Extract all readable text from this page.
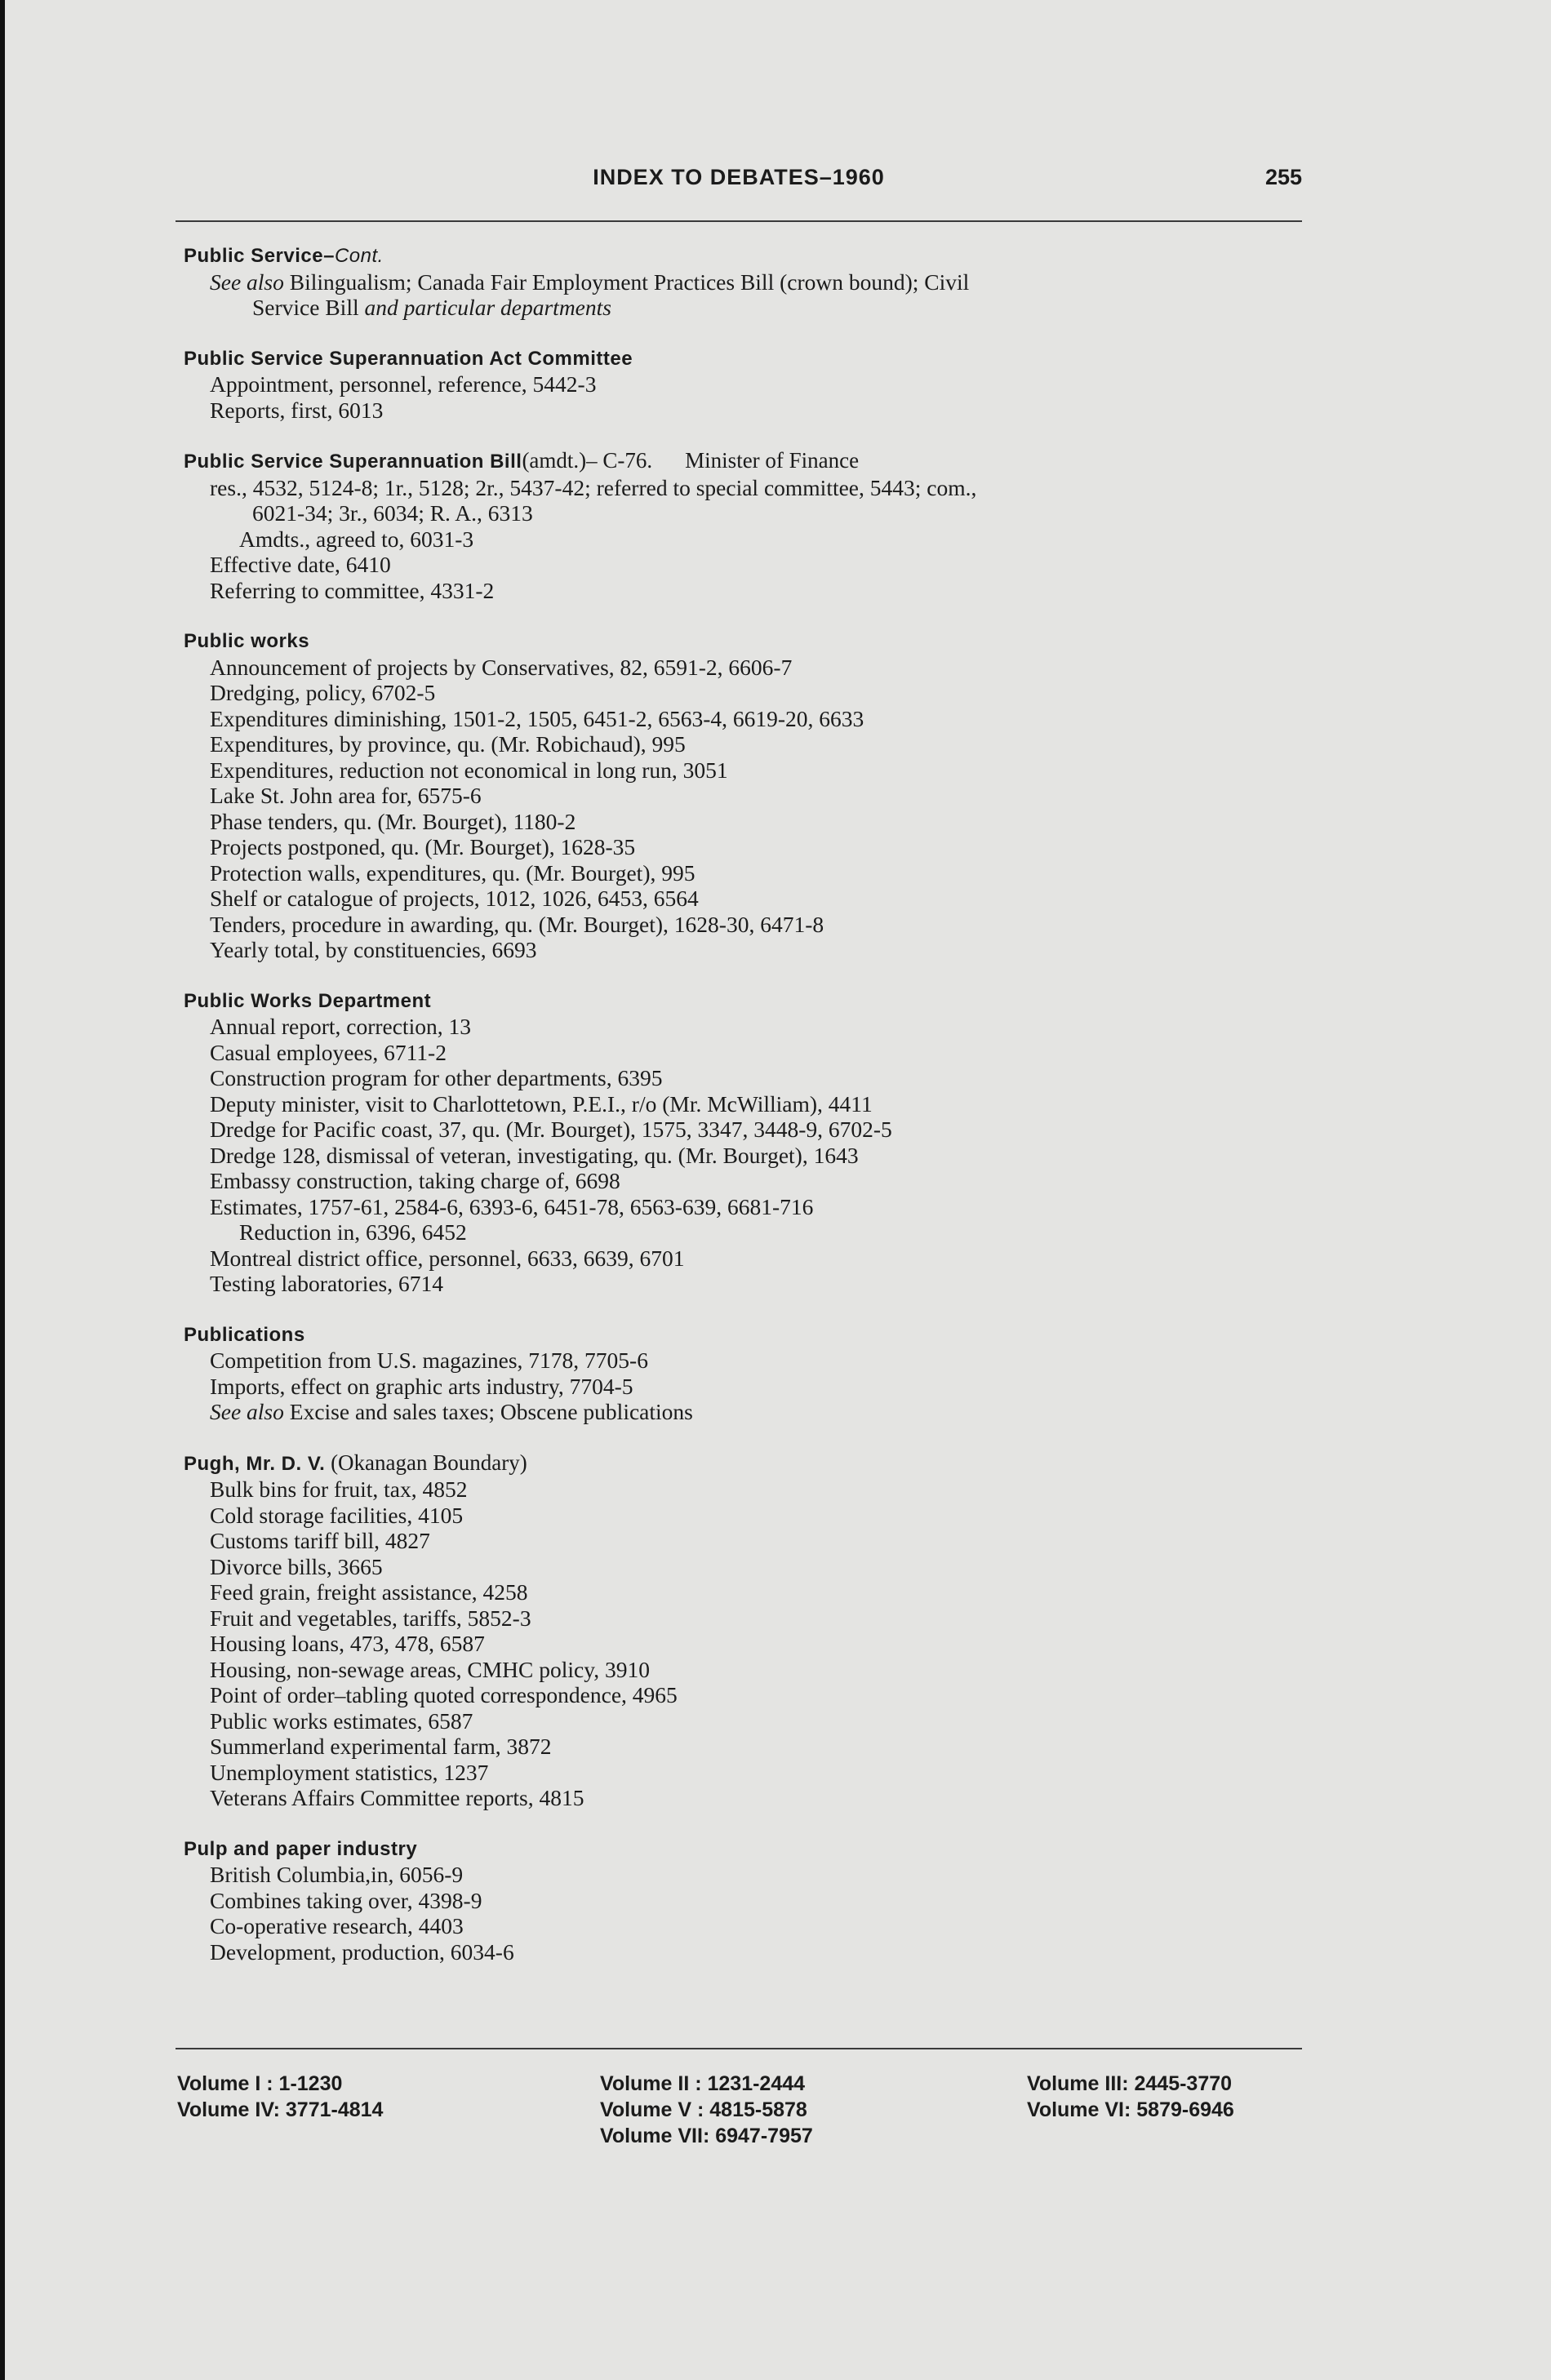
INDEX TO DEBATES–1960	255
Public Service–Cont.
See also Bilingualism; Canada Fair Employment Practices Bill (crown bound); Civil
Service Bill and particular departments
Public Service Superannuation Act Committee
Appointment, personnel, reference, 5442-3
Reports, first, 6013
Public Service Superannuation Bill(amdt.)– C-76. Minister of Finance
res., 4532, 5124-8; 1r., 5128; 2r., 5437-42; referred to special committee, 5443; com.,
6021-34; 3r., 6034; R. A., 6313
Amdts., agreed to, 6031-3
Effective date, 6410
Referring to committee, 4331-2
Public works
Announcement of projects by Conservatives, 82, 6591-2, 6606-7
Dredging, policy, 6702-5
Expenditures diminishing, 1501-2, 1505, 6451-2, 6563-4, 6619-20, 6633
Expenditures, by province, qu. (Mr. Robichaud), 995
Expenditures, reduction not economical in long run, 3051
Lake St. John area for, 6575-6
Phase tenders, qu. (Mr. Bourget), 1180-2
Projects postponed, qu. (Mr. Bourget), 1628-35
Protection walls, expenditures, qu. (Mr. Bourget), 995
Shelf or catalogue of projects, 1012, 1026, 6453, 6564
Tenders, procedure in awarding, qu. (Mr. Bourget), 1628-30, 6471-8
Yearly total, by constituencies, 6693
Public Works Department
Annual report, correction, 13
Casual employees, 6711-2
Construction program for other departments, 6395
Deputy minister, visit to Charlottetown, P.E.I., r/o (Mr. McWilliam), 4411
Dredge for Pacific coast, 37, qu. (Mr. Bourget), 1575, 3347, 3448-9, 6702-5
Dredge 128, dismissal of veteran, investigating, qu. (Mr. Bourget), 1643
Embassy construction, taking charge of, 6698
Estimates, 1757-61, 2584-6, 6393-6, 6451-78, 6563-639, 6681-716
Reduction in, 6396, 6452
Montreal district office, personnel, 6633, 6639, 6701
Testing laboratories, 6714
Publications
Competition from U.S. magazines, 7178, 7705-6
Imports, effect on graphic arts industry, 7704-5
See also Excise and sales taxes; Obscene publications
Pugh, Mr. D. V. (Okanagan Boundary)
Bulk bins for fruit, tax, 4852
Cold storage facilities, 4105
Customs tariff bill, 4827
Divorce bills, 3665
Feed grain, freight assistance, 4258
Fruit and vegetables, tariffs, 5852-3
Housing loans, 473, 478, 6587
Housing, non-sewage areas, CMHC policy, 3910
Point of order–tabling quoted correspondence, 4965
Public works estimates, 6587
Summerland experimental farm, 3872
Unemployment statistics, 1237
Veterans Affairs Committee reports, 4815
Pulp and paper industry
British Columbia,in, 6056-9
Combines taking over, 4398-9
Co-operative research, 4403
Development, production, 6034-6
Volume I : 1-1230
Volume IV: 3771-4814
Volume II : 1231-2444
Volume V : 4815-5878
Volume VII: 6947-7957
Volume III: 2445-3770
Volume VI: 5879-6946
